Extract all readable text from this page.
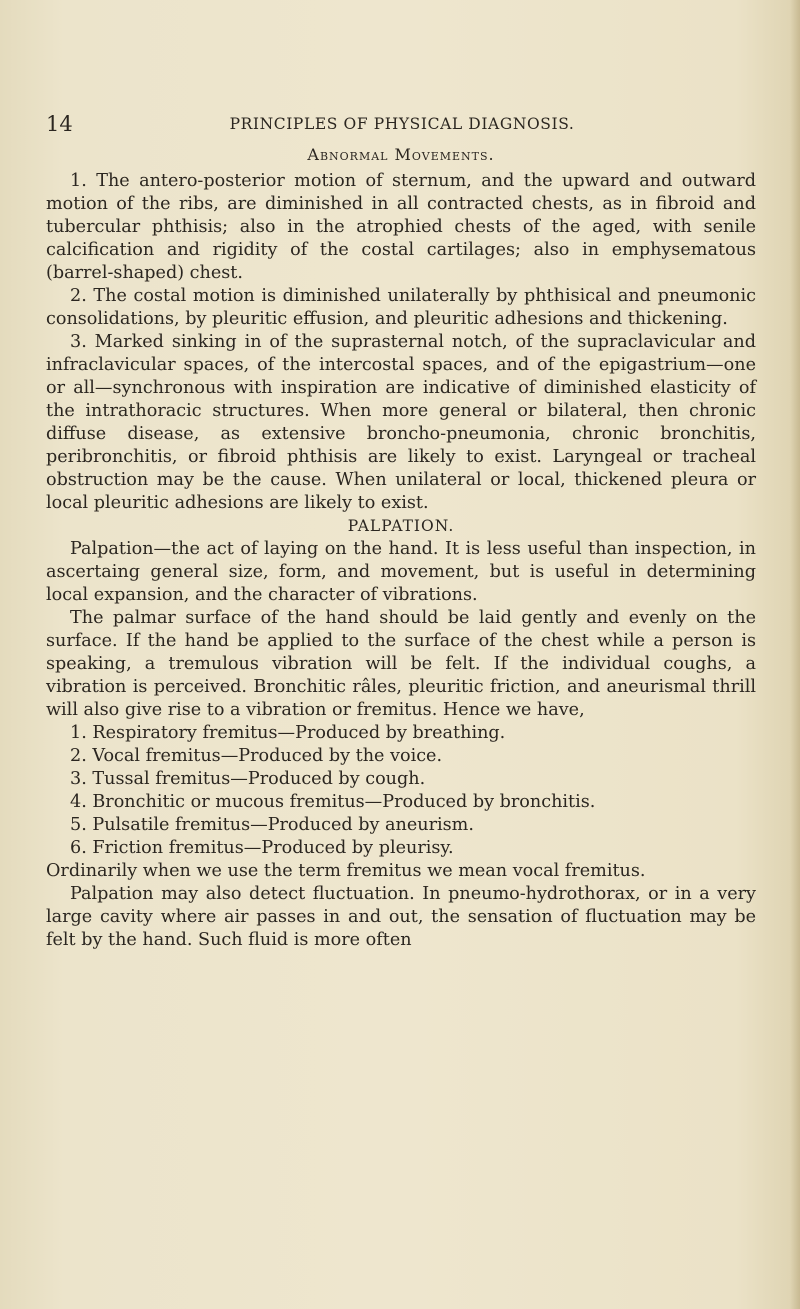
14	PRINCIPLES OF PHYSICAL DIAGNOSIS.
Abnormal Movements.

1. The antero-posterior motion of sternum, and the upward and outward motion of the ribs, are diminished in all contracted chests, as in fibroid and tubercular phthisis; also in the atrophied chests of the aged, with senile calcification and rigidity of the costal cartilages; also in emphysematous (barrel-shaped) chest.

2. The costal motion is diminished unilaterally by phthisical and pneumonic consolidations, by pleuritic effusion, and pleuritic adhesions and thickening.

3. Marked sinking in of the suprasternal notch, of the supraclavicular and infraclavicular spaces, of the intercostal spaces, and of the epigastrium—one or all—synchronous with inspiration are indicative of diminished elasticity of the intrathoracic structures. When more general or bilateral, then chronic diffuse disease, as extensive broncho-pneumonia, chronic bronchitis, peribronchitis, or fibroid phthisis are likely to exist. Laryngeal or tracheal obstruction may be the cause. When unilateral or local, thickened pleura or local pleuritic adhesions are likely to exist.

PALPATION.

Palpation—the act of laying on the hand. It is less useful than inspection, in ascertaing general size, form, and movement, but is useful in determining local expansion, and the character of vibrations.

The palmar surface of the hand should be laid gently and evenly on the surface. If the hand be applied to the surface of the chest while a person is speaking, a tremulous vibration will be felt. If the individual coughs, a vibration is perceived. Bronchitic râles, pleuritic friction, and aneurismal thrill will also give rise to a vibration or fremitus. Hence we have,

1. Respiratory fremitus—Produced by breathing.
2. Vocal fremitus—Produced by the voice.
3. Tussal fremitus—Produced by cough.
4. Bronchitic or mucous fremitus—Produced by bronchitis.
5. Pulsatile fremitus—Produced by aneurism.
6. Friction fremitus—Produced by pleurisy.

Ordinarily when we use the term fremitus we mean vocal fremitus.

Palpation may also detect fluctuation. In pneumo-hydrothorax, or in a very large cavity where air passes in and out, the sensation of fluctuation may be felt by the hand. Such fluid is more often
